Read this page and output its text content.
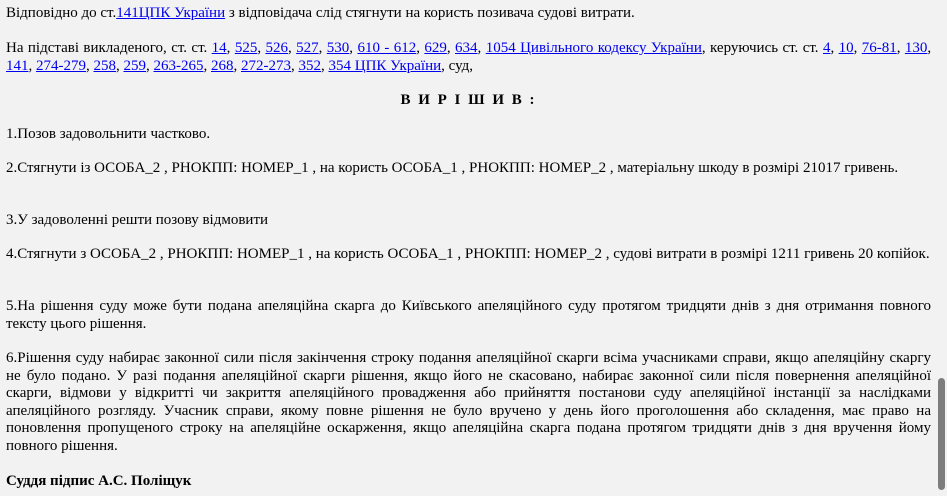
Відповідно до ст.141ЦПК України з відповідача слід стягнути на користь позивача судові витрати.

На підставі викладеного, ст. ст. 14, 525, 526, 527, 530, 610 - 612, 629, 634, 1054 Цивільного кодексу України, керуючись ст. ст. 4, 10, 76-81, 130, 141, 274-279, 258, 259, 263-265, 268, 272-273, 352, 354 ЦПК України, суд,

В И Р І Ш И В :

1.Позов задовольнити частково.

2.Стягнути із ОСОБА_2 , РНОКПП: НОМЕР_1 , на користь ОСОБА_1 , РНОКПП: НОМЕР_2 , матеріальну шкоду в розмірі 21017 гривень.

3.У задоволенні решти позову відмовити

4.Стягнути з ОСОБА_2 , РНОКПП: НОМЕР_1 , на користь ОСОБА_1 , РНОКПП: НОМЕР_2 , судові витрати в розмірі 1211 гривень 20 копійок.

5.На рішення суду може бути подана апеляційна скарга до Київського апеляційного суду протягом тридцяти днів з дня отримання повного тексту цього рішення.

6.Рішення суду набирає законної сили після закінчення строку подання апеляційної скарги всіма учасниками справи, якщо апеляційну скаргу не було подано. У разі подання апеляційної скарги рішення, якщо його не скасовано, набирає законної сили після повернення апеляційної скарги, відмови у відкритті чи закриття апеляційного провадження або прийняття постанови суду апеляційної інстанції за наслідками апеляційного розгляду. Учасник справи, якому повне рішення не було вручено у день його проголошення або складення, має право на поновлення пропущеного строку на апеляційне оскарження, якщо апеляційна скарга подана протягом тридцяти днів з дня вручення йому повного рішення.

Суддя підпис А.С. Поліщук
